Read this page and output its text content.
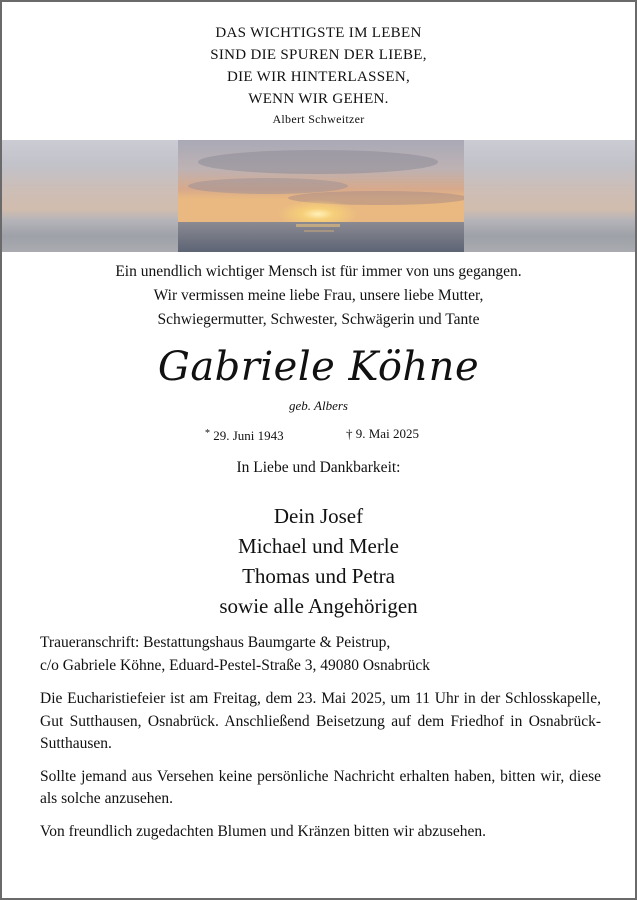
DAS WICHTIGSTE IM LEBEN
SIND DIE SPUREN DER LIEBE,
DIE WIR HINTERLASSEN,
WENN WIR GEHEN.
Albert Schweitzer
Ein unendlich wichtiger Mensch ist für immer von uns gegangen.
Wir vermissen meine liebe Frau, unsere liebe Mutter,
Schwiegermutter, Schwester, Schwägerin und Tante
Gabriele Köhne
geb. Albers
* 29. Juni 1943	† 9. Mai 2025
In Liebe und Dankbarkeit:
Dein Josef
Michael und Merle
Thomas und Petra
sowie alle Angehörigen

Traueranschrift: Bestattungshaus Baumgarte & Peistrup,
c/o Gabriele Köhne, Eduard-Pestel-Straße 3, 49080 Osnabrück

Die Eucharistiefeier ist am Freitag, dem 23. Mai 2025, um 11 Uhr in der Schlosskapelle, Gut Sutthausen, Osnabrück. Anschließend Beisetzung auf dem Friedhof in Osnabrück-Sutthausen.

Sollte jemand aus Versehen keine persönliche Nachricht erhalten haben, bitten wir, diese als solche anzusehen.

Von freundlich zugedachten Blumen und Kränzen bitten wir abzusehen.
